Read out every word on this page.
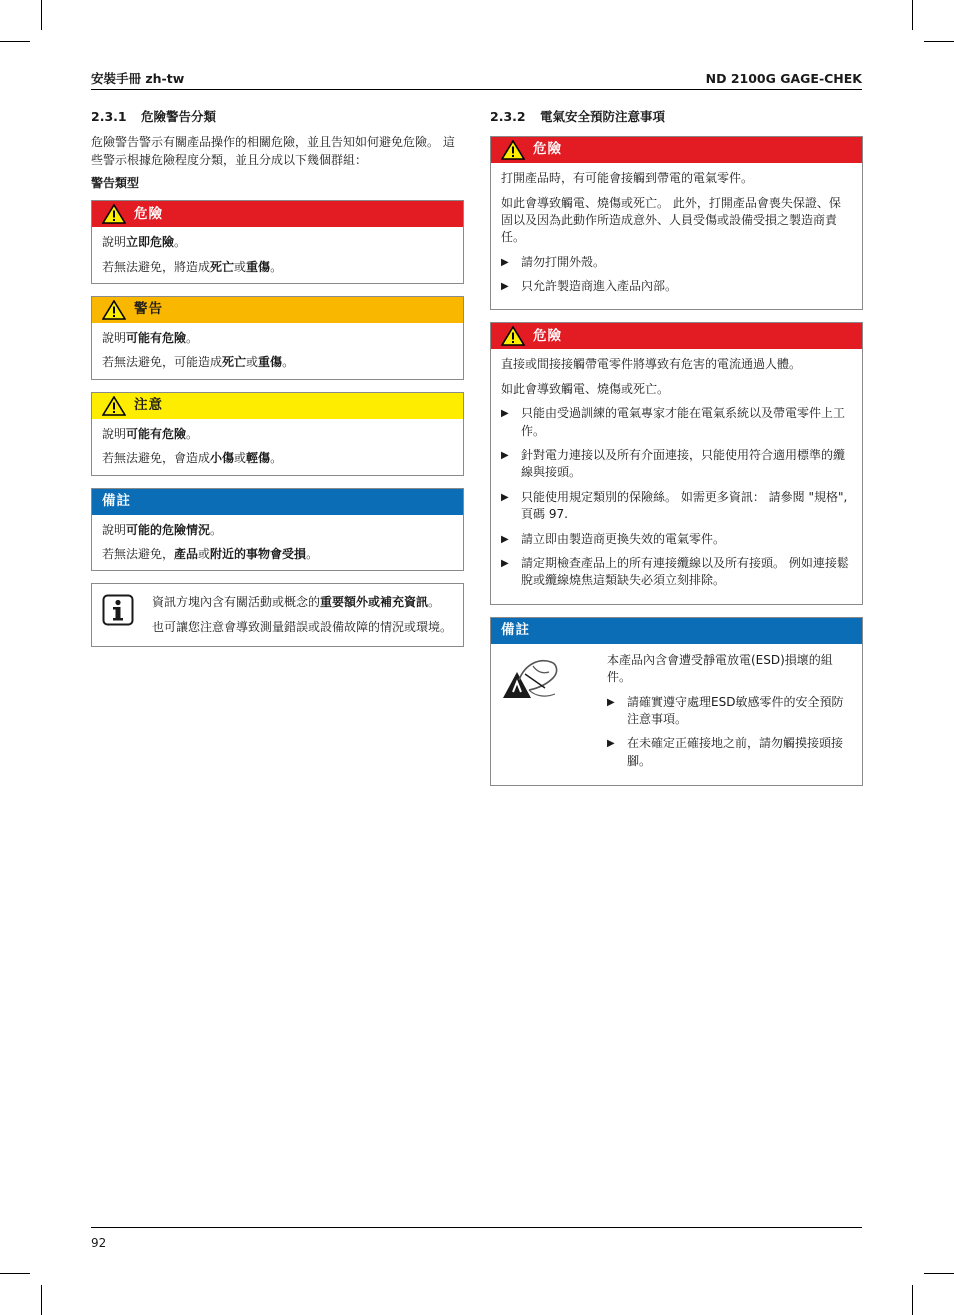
安裝手冊 zh-tw	ND 2100G GAGE-CHEK
2.3.1 危險警告分類
危險警告警示有關產品操作的相關危險，並且告知如何避免危險。 這些警示根據危險程度分類，並且分成以下幾個群組：
警告類型
危險
說明立即危險。
若無法避免，將造成死亡或重傷。
警告
說明可能有危險。
若無法避免，可能造成死亡或重傷。
注意
說明可能有危險。
若無法避免，會造成小傷或輕傷。
備註
說明可能的危險情況。
若無法避免，產品或附近的事物會受損。
資訊方塊內含有關活動或概念的重要額外或補充資訊。
也可讓您注意會導致測量錯誤或設備故障的情況或環境。
2.3.2 電氣安全預防注意事項
危險
打開產品時，有可能會接觸到帶電的電氣零件。
如此會導致觸電、燒傷或死亡。 此外，打開產品會喪失保證、保固以及因為此動作所造成意外、人員受傷或設備受損之製造商責任。
▶	請勿打開外殼。
▶	只允許製造商進入產品內部。
危險
直接或間接接觸帶電零件將導致有危害的電流通過人體。
如此會導致觸電、燒傷或死亡。
▶	只能由受過訓練的電氣專家才能在電氣系統以及帶電零件上工作。
▶	針對電力連接以及所有介面連接，只能使用符合適用標準的纜線與接頭。
▶	只能使用規定類別的保險絲。 如需更多資訊： 請參閱 "規格", 頁碼 97.
▶	請立即由製造商更換失效的電氣零件。
▶	請定期檢查產品上的所有連接纜線以及所有接頭。 例如連接鬆脫或纜線燒焦這類缺失必須立刻排除。
備註
本產品內含會遭受靜電放電(ESD)損壞的組件。
▶	請確實遵守處理ESD敏感零件的安全預防注意事項。
▶	在未確定正確接地之前，請勿觸摸接頭接腳。
92
